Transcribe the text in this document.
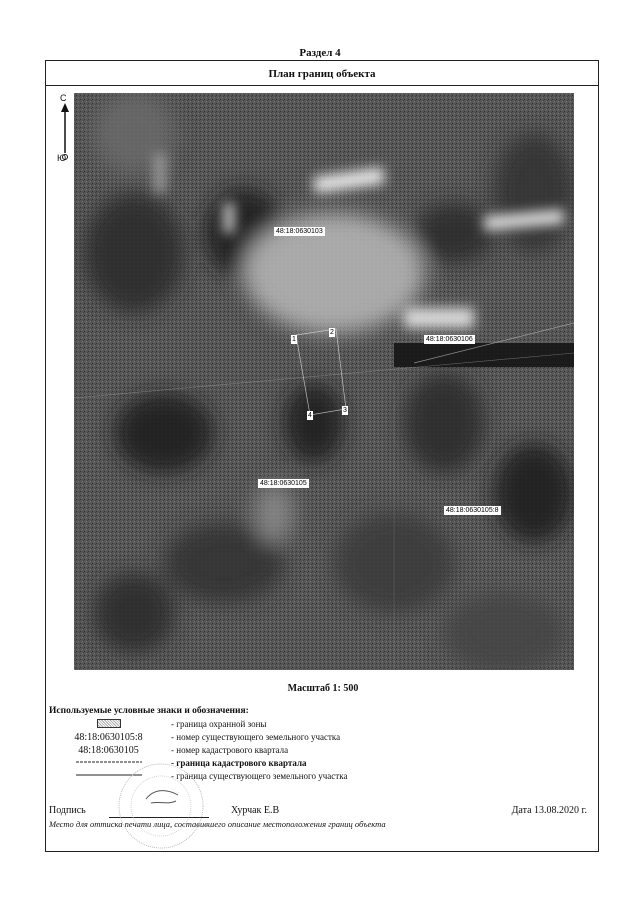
Раздел 4
План границ объекта
С
Ю
48:18:0630103
48:18:0630106
48:18:0630105
48:18:0630105:8
1
2
3
4
Масштаб 1: 500
Используемые условные знаки и обозначения:
- граница охранной зоны
48:18:0630105:8	- номер существующего земельного участка
48:18:0630105	- номер кадастрового квартала
- граница кадастрового квартала
- граница существующего земельного участка
Подпись	Хурчак Е.В	Дата 13.08.2020 г.
Место для оттиска печати лица, составившего описание местоположения границ объекта
